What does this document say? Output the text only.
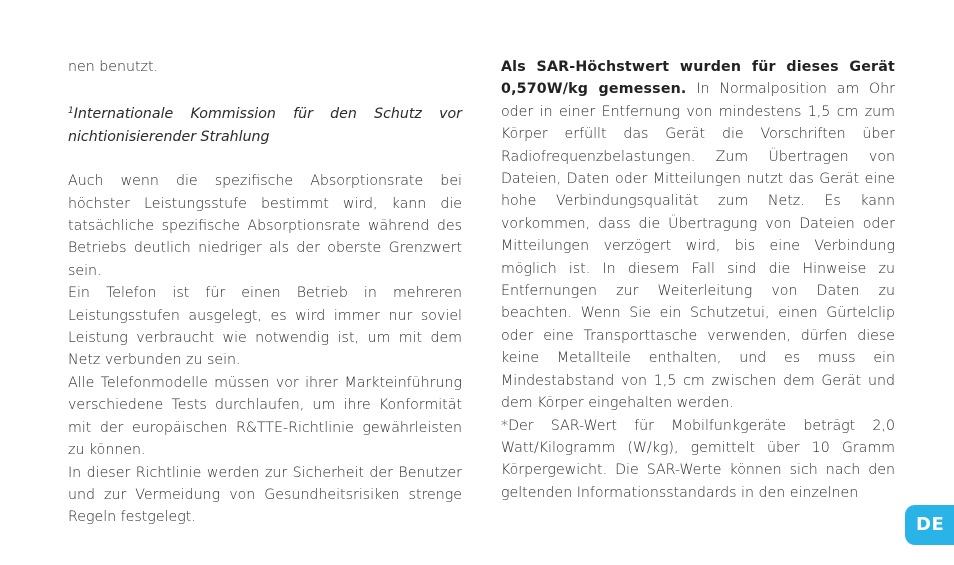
nen benutzt.

$^1$Internationale Kommission für den Schutz vor nichtionisierender Strahlung

Auch wenn die spezifische Absorptionsrate bei höchster Leistungsstufe bestimmt wird, kann die tatsächliche spezifische Absorptionsrate während des Betriebs deutlich niedriger als der oberste Grenzwert sein.

Ein Telefon ist für einen Betrieb in mehreren Leistungsstufen ausgelegt, es wird immer nur soviel Leistung verbraucht wie notwendig ist, um mit dem Netz verbunden zu sein.

Alle Telefonmodelle müssen vor ihrer Markteinführung verschiedene Tests durchlaufen, um ihre Konformität mit der europäischen R&TTE-Richtlinie gewährleisten zu können.

In dieser Richtlinie werden zur Sicherheit der Benutzer und zur Vermeidung von Gesundheitsrisiken strenge Regeln festgelegt.

Als SAR-Höchstwert wurden für dieses Gerät 0,570W/kg gemessen. In Normalposition am Ohr oder in einer Entfernung von mindestens 1,5 cm zum Körper erfüllt das Gerät die Vorschriften über Radiofrequenzbelastungen. Zum Übertragen von Dateien, Daten oder Mitteilungen nutzt das Gerät eine hohe Verbindungsqualität zum Netz. Es kann vorkommen, dass die Übertragung von Dateien oder Mitteilungen verzögert wird, bis eine Verbindung möglich ist. In diesem Fall sind die Hinweise zu Entfernungen zur Weiterleitung von Daten zu beachten. Wenn Sie ein Schutzetui, einen Gürtelclip oder eine Transporttasche verwenden, dürfen diese keine Metallteile enthalten, und es muss ein Mindestabstand von 1,5 cm zwischen dem Gerät und dem Körper eingehalten werden.

*Der SAR-Wert für Mobilfunkgeräte beträgt 2,0 Watt/Kilogramm (W/kg), gemittelt über 10 Gramm Körpergewicht. Die SAR-Werte können sich nach den geltenden Informationsstandards in den einzelnen

DE
